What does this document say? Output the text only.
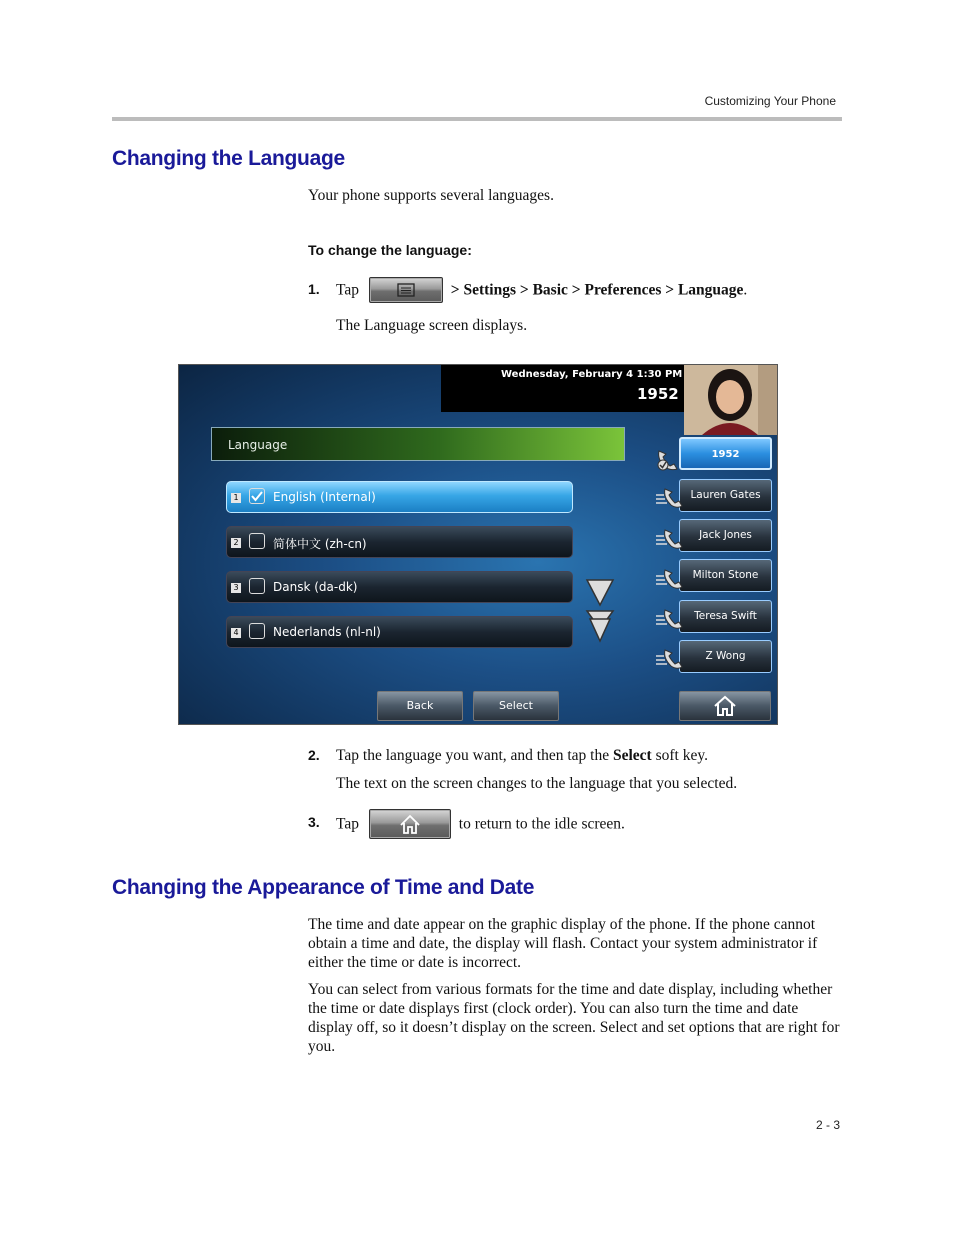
Customizing Your Phone
Changing the Language
Your phone supports several languages.
To change the language:
1. Tap	> Settings > Basic > Preferences > Language.
The Language screen displays.
Wednesday, February 4 1:30 PM
1952
Language
1	English (Internal)
2	简体中文 (zh-cn)
3	Dansk (da-dk)
4	Nederlands (nl-nl)
1952
Lauren Gates
Jack Jones
Milton Stone
Teresa Swift
Z Wong
Back	Select
2. Tap the language you want, and then tap the Select soft key.
The text on the screen changes to the language that you selected.
3. Tap	to return to the idle screen.
Changing the Appearance of Time and Date
The time and date appear on the graphic display of the phone. If the phone cannot obtain a time and date, the display will flash. Contact your system administrator if either the time or date is incorrect.
You can select from various formats for the time and date display, including whether the time or date displays first (clock order). You can also turn the time and date display off, so it doesn’t display on the screen. Select and set options that are right for you.
2 - 3
